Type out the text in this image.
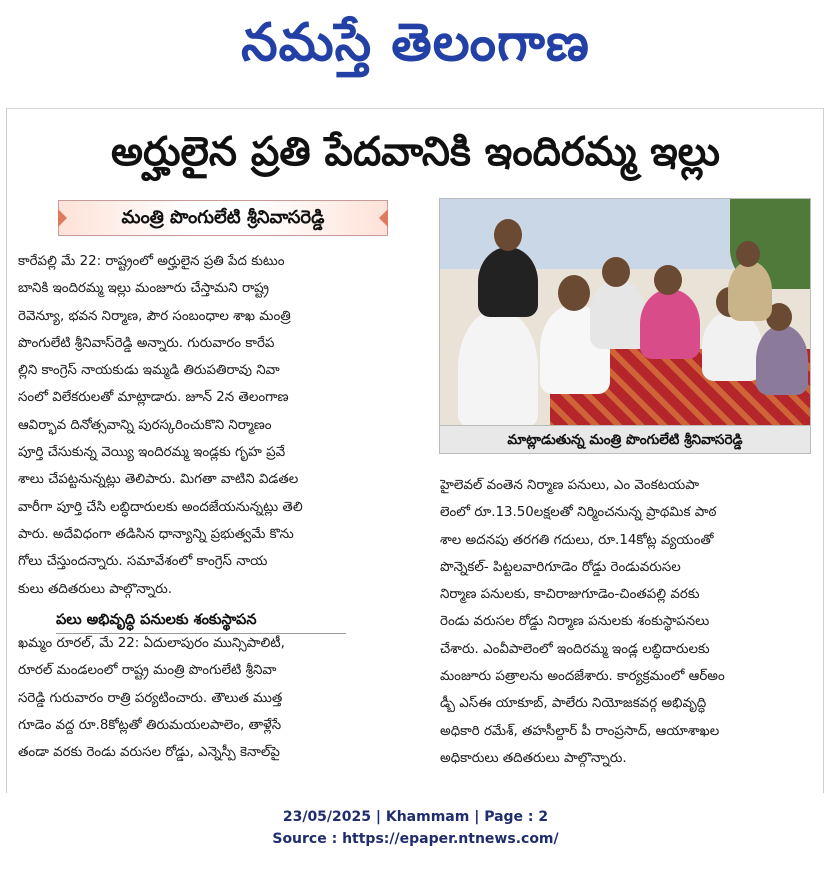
నమస్తే తెలంగాణ
అర్హులైన ప్రతి పేదవానికి ఇందిరమ్మ ఇల్లు
మంత్రి పొంగులేటి శ్రీనివాసరెడ్డి
కారేపల్లి మే 22: రాష్ట్రంలో అర్హులైన ప్రతి పేద కుటుం
బానికి ఇందిరమ్మ ఇల్లు మంజూరు చేస్తామని రాష్ట్ర
రెవెన్యూ, భవన నిర్మాణ, పౌర సంబంధాల శాఖ మంత్రి
పొంగులేటి శ్రీనివాస్‌రెడ్డి అన్నారు. గురువారం కారేప
ల్లిని కాంగ్రెస్ నాయకుడు ఇమ్మడి తిరుపతిరావు నివా
సంలో విలేకరులతో మాట్లాడారు. జూన్ 2న తెలంగాణ
ఆవిర్భావ దినోత్సవాన్ని పురస్కరించుకొని నిర్మాణం
పూర్తి చేసుకున్న వెయ్యి ఇందిరమ్మ ఇండ్లకు గృహ ప్రవే
శాలు చేపట్టనున్నట్లు తెలిపారు. మిగతా వాటిని విడతల
వారీగా పూర్తి చేసి లబ్ధిదారులకు అందజేయనున్నట్లు తెలి
పారు. అదేవిధంగా తడిసిన ధాన్యాన్ని ప్రభుత్వమే కొను
గోలు చేస్తుందన్నారు. సమావేశంలో కాంగ్రెస్ నాయ
కులు తదితరులు పాల్గొన్నారు.

ఖమ్మం రూరల్, మే 22: ఏదులాపురం మున్సిపాలిటీ,
రూరల్ మండలంలో రాష్ట్ర మంత్రి పొంగులేటి శ్రీనివా
సరెడ్డి గురువారం రాత్రి పర్యటించారు. తౌలుత ముత్త
గూడెం వద్ద రూ.8కోట్లతో తిరుమయలపాలెం, తాళ్లేసే
తండా వరకు రెండు వరుసల రోడ్డు, ఎన్నెస్పీ కెనాల్‌పై
పలు అభివృద్ధి పనులకు శంకుస్థాపన
మాట్లాడుతున్న మంత్రి పొంగులేటి శ్రీనివాసరెడ్డి
హైలెవల్ వంతెన నిర్మాణ పనులు, ఎం వెంకటయపా
లెంలో రూ.13.50లక్షలతో నిర్మించనున్న ప్రాథమిక పాఠ
శాల అదనపు తరగతి గదులు, రూ.14కోట్ల వ్యయంతో
పొన్నెకల్- పిట్టలవారిగూడెం రోడ్డు రెండువరుసల
నిర్మాణ పనులకు, కాచిరాజుగూడెం-చింతపల్లి వరకు
రెండు వరుసల రోడ్డు నిర్మాణ పనులకు శంకుస్థాపనలు
చేశారు. ఎంవీపాలెంలో ఇందిరమ్మ ఇండ్ల లబ్ధిదారులకు
మంజూరు పత్రాలను అందజేశారు. కార్యక్రమంలో ఆర్అం
డ్బీ ఎస్ఈ యాకూబ్, పాలేరు నియోజకవర్గ అభివృద్ధి
అధికారి రమేశ్, తహసీల్దార్ పీ రాంప్రసాద్, ఆయాశాఖల
అధికారులు తదితరులు పాల్గొన్నారు.
23/05/2025 | Khammam | Page : 2
Source : https://epaper.ntnews.com/
